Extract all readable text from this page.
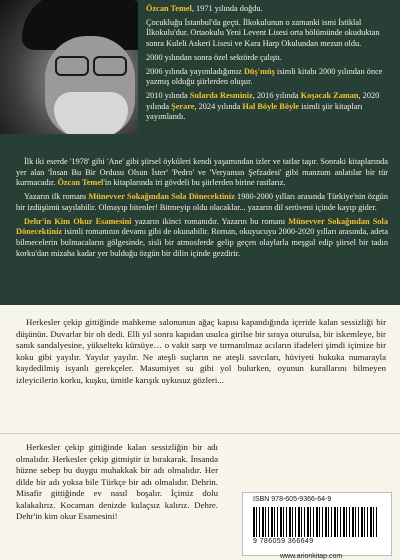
Özcan Temel, 1971 yılında doğdu.

Çocukluğu İstanbul'da geçti. İlkokulunun o zamanki ismi İstiklal İlkokulu'dur. Ortaokulu Yeni Levent Lisesi orta bölümünde okuduktan sonra Kuleli Askeri Lisesi ve Kara Harp Okulundan mezun oldu.

2000 yılından sonra özel sektörde çalıştı.

2006 yılında yayımladığımız Düş'müş isimli kitabı 2000 yılından önce yazmış olduğu şiirlerden oluşur.

2010 yılında Sularda Resminiz, 2016 yılında Koşacak Zaman, 2020 yılında Şerare, 2024 yılında Hal Böyle Böyle isimli şiir kitapları yayımlandı.

İlk iki eserde '1978' gibi 'Ane' gibi şiirsel öyküleri kendi yaşamından izler ve tatlar taşır. Sonraki kitaplarında yer alan 'İnsan Bu Bir Ordusu Olsun İster' 'Pedro' ve 'Veryansın Şefzadesi' gibi manzum anlatılar bir tür kurmacadır. Özcan Temel'in kitaplarında iri gövdeli bu şiirlerden birine rastlarız.

Yazarın ilk romanı Münevver Sokağından Sola Dönecektiniz 1980-2000 yılları arasında Türkiye'nin özgün bir izdüşümü sayılabilir. Olmayıp bitenler! Bitmeyip oldu olacaklar... yazarın dil serüveni içinde kayıp gider.

Dehr'in Kim Okur Esamesini yazarın ikinci romanıdır. Yazarın bu romanı Münevver Sokağından Sola Dönecektiniz isimli romanının devamı gibi de okunabilir. Roman, okuyucuyu 2000-2020 yılları arasında, adeta bilmecelerin bulmacaların gölgesinde, sisli bir atmosferde gelip geçen olaylarla meşgul edip şiirsel bir tadın korku'dan mizaha kadar yer bulduğu özgün bir dilin içinde gezdirir.

Herkesler çekip gittiğinde mahkeme salonunun ağaç kapısı kapandığında içeride kalan sessizliği bir düşünün. Duvarlar bir oh dedi. Elli yıl sonra kapıdan usulca girilse bir sıraya oturulsa, bir iskemleye, bir sanık sandalyesine, yükseltekı kürsüye… o vakit sarp ve tırmanılmaz acıların ifadeleri şimdi içimize bir koku gibi yayılır. Yayılır yayılır. Ne ateşli suçların ne ateşli savcıları, hüviyeti hukuka numarayla kaydedilmiş isyanlı gerekçeler. Masumiyet su gibi yol bulurken, oyunun kurallarını bilmeyen izleyicilerin korku, kuşku, ümitle karışık uykusuz gözleri...

Herkesler çekip gittiğinde kalan sessizliğin bir adı olmalıdır. Herkesler çekip gitmiştir iz bırakarak. İnsanda hüzne sebep bu duygu muhakkak bir adı olmalıdır. Her dilde bir adı yoksa bile Türkçe bir adı olmalıdır. Dehrin. Misafir gittiğinde ev nasıl boşalır. İçimiz dolu kalakalırız. Kocaman denizde kulaçsız kalırız. Dehre. Dehr'in kim okur Esamesini!

ISBN 978-605-9366-64-9
9 786059 366649
www.arionkitap.com
